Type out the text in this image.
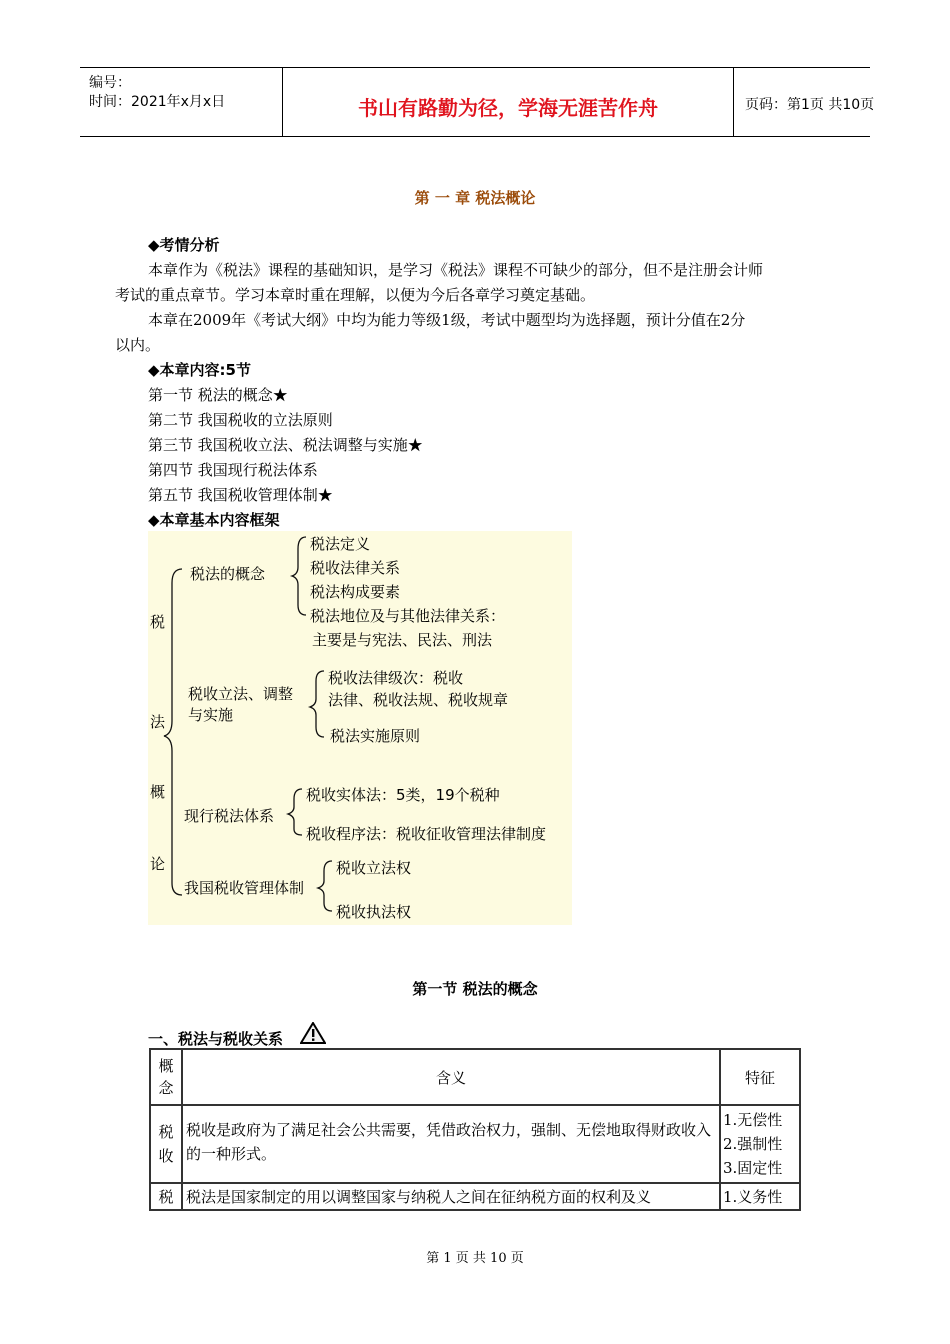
编号：
时间：2021年x月x日	书山有路勤为径，学海无涯苦作舟	页码：第1页 共10页
第 一 章 税法概论
◆考情分析
本章作为《税法》课程的基础知识，是学习《税法》课程不可缺少的部分，但不是注册会计师
考试的重点章节。学习本章时重在理解，以便为今后各章学习奠定基础。
本章在2009年《考试大纲》中均为能力等级1级，考试中题型均为选择题，预计分值在2分
以内。
◆本章内容:5节
第一节 税法的概念★
第二节 我国税收的立法原则
第三节 我国税收立法、税法调整与实施★
第四节 我国现行税法体系
第五节 我国税收管理体制★
◆本章基本内容框架
税
法
概
论
税法的概念
税法定义
税收法律关系
税法构成要素
税法地位及与其他法律关系：
主要是与宪法、民法、刑法
税收立法、调整
与实施
税收法律级次：税收
法律、税收法规、税收规章
税法实施原则
现行税法体系
税收实体法：5类，19个税种
税收程序法：税收征收管理法律制度
我国税收管理体制
税收立法权
税收执法权
第一节 税法的概念
一、税法与税收关系
概念	含义	特征
税收	税收是政府为了满足社会公共需要，凭借政治权力，强制、无偿地取得财政收入的一种形式。	1.无偿性
2.强制性
3.固定性

税	税法是国家制定的用以调整国家与纳税人之间在征纳税方面的权利及义	1.义务性
第 1 页 共 10 页
